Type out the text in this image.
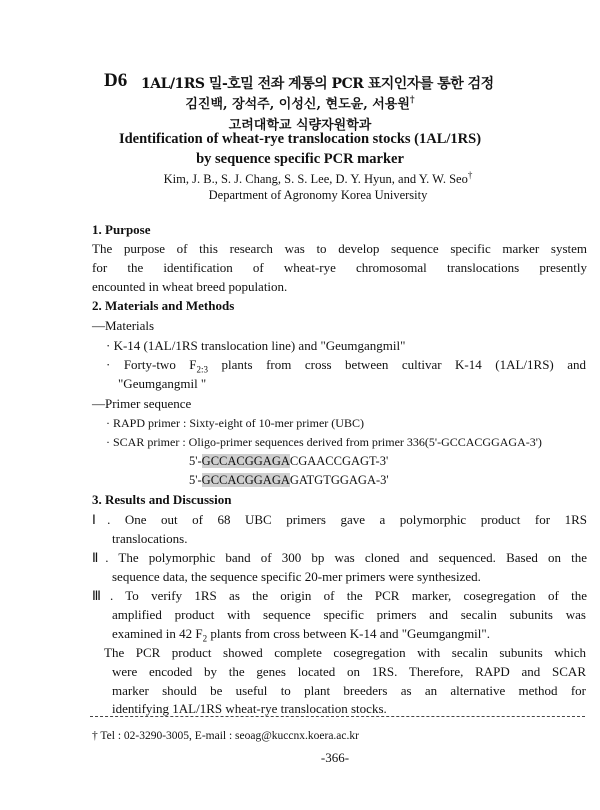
D6 1AL/1RS 밀-호밀 전좌 계통의 PCR 표지인자를 통한 검정
김진백, 장석주, 이성신, 현도윤, 서용원†
고려대학교 식량자원학과
Identification of wheat-rye translocation stocks (1AL/1RS)
by sequence specific PCR marker
Kim, J. B., S. J. Chang, S. S. Lee, D. Y. Hyun, and Y. W. Seo†
Department of Agronomy Korea University
1. Purpose
The purpose of this research was to develop sequence specific marker system
for the identification of wheat-rye chromosomal translocations presently
encounted in wheat breed population.
2. Materials and Methods
—Materials
· K-14 (1AL/1RS translocation line) and "Geumgangmil"
· Forty-two $F_{2:3}$ plants from cross between cultivar K-14 (1AL/1RS) and
"Geumgangmil "
—Primer sequence
· RAPD primer : Sixty-eight of 10-mer primer (UBC)
· SCAR primer : Oligo-primer sequences derived from primer 336(5'-GCCACGGAGA-3')
5'-GCCACGGAGACGAACCGAGT-3'
5'-GCCACGGAGAGATGTGGAGA-3'
3. Results and Discussion
Ⅰ. One out of 68 UBC primers gave a polymorphic product for 1RS
translocations.
Ⅱ. The polymorphic band of 300 bp was cloned and sequenced. Based on the
sequence data, the sequence specific 20-mer primers were synthesized.
Ⅲ. To verify 1RS as the origin of the PCR marker, cosegregation of the
amplified product with sequence specific primers and secalin subunits was
examined in 42 $F_2$ plants from cross between K-14 and "Geumgangmil".
The PCR product showed complete cosegregation with secalin subunits which
were encoded by the genes located on 1RS. Therefore, RAPD and SCAR
marker should be useful to plant breeders as an alternative method for
identifying 1AL/1RS wheat-rye translocation stocks.
† Tel : 02-3290-3005, E-mail : seoag@kuccnx.koera.ac.kr
-366-
